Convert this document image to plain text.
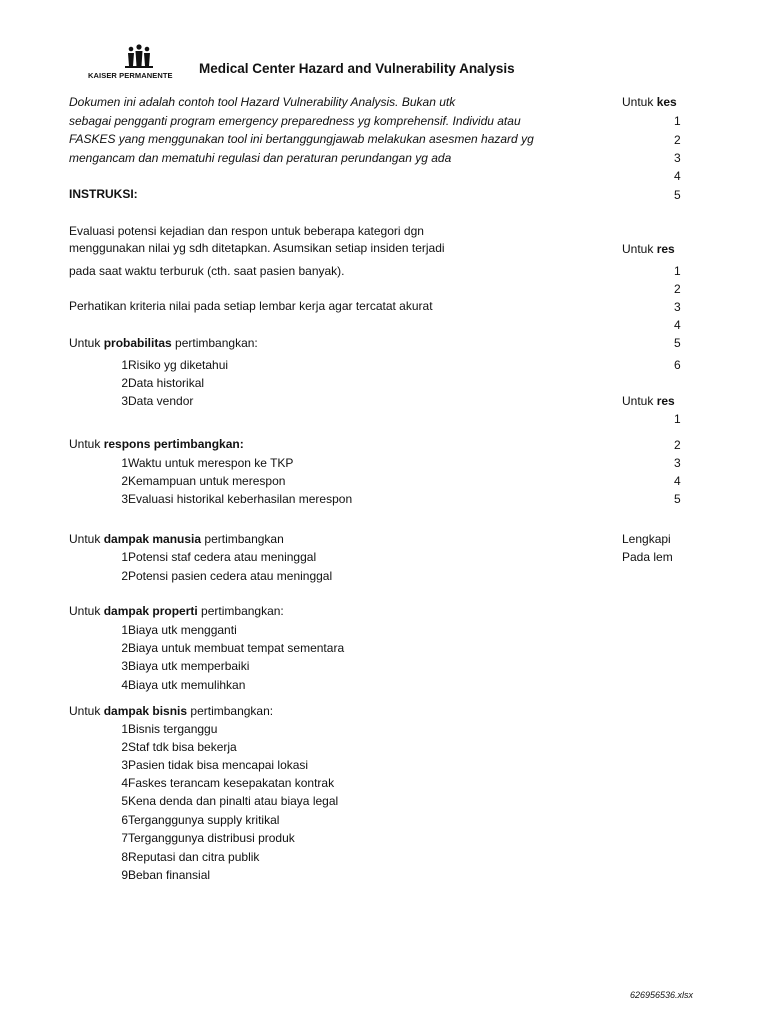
KAISER PERMANENTE Medical Center Hazard and Vulnerability Analysis
Dokumen ini adalah contoh tool Hazard Vulnerability Analysis. Bukan utk
sebagai pengganti program emergency preparedness yg komprehensif. Individu atau
FASKES yang menggunakan tool ini bertanggungjawab melakukan asesmen hazard yg
mengancam dan mematuhi regulasi dan peraturan perundangan yg ada
INSTRUKSI:
Evaluasi potensi kejadian dan respon untuk beberapa kategori dgn
menggunakan nilai yg sdh ditetapkan. Asumsikan setiap insiden terjadi
pada saat waktu terburuk (cth. saat pasien banyak).
Perhatikan kriteria nilai pada setiap lembar kerja agar tercatat akurat
Untuk probabilitas pertimbangkan:
1Risiko yg diketahui
2Data historikal
3Data vendor
Untuk respons pertimbangkan:
1Waktu untuk merespon ke TKP
2Kemampuan untuk merespon
3Evaluasi historikal keberhasilan merespon
Untuk dampak manusia pertimbangkan
1Potensi staf cedera atau meninggal
2Potensi pasien cedera atau meninggal
Untuk dampak properti pertimbangkan:
1Biaya utk mengganti
2Biaya untuk membuat tempat sementara
3Biaya utk memperbaiki
4Biaya utk memulihkan
Untuk dampak bisnis pertimbangkan:
1Bisnis terganggu
2Staf tdk bisa bekerja
3Pasien tidak bisa mencapai lokasi
4Faskes terancam kesepakatan kontrak
5Kena denda dan pinalti atau biaya legal
6Terganggunya supply kritikal
7Terganggunya distribusi produk
8Reputasi dan citra publik
9Beban finansial
Untuk kes
1
2
3
4
5
Untuk res
1
2
3
4
5
6
Untuk res
1
2
3
4
5
Lengkapi
Pada lem
626956536.xlsx
